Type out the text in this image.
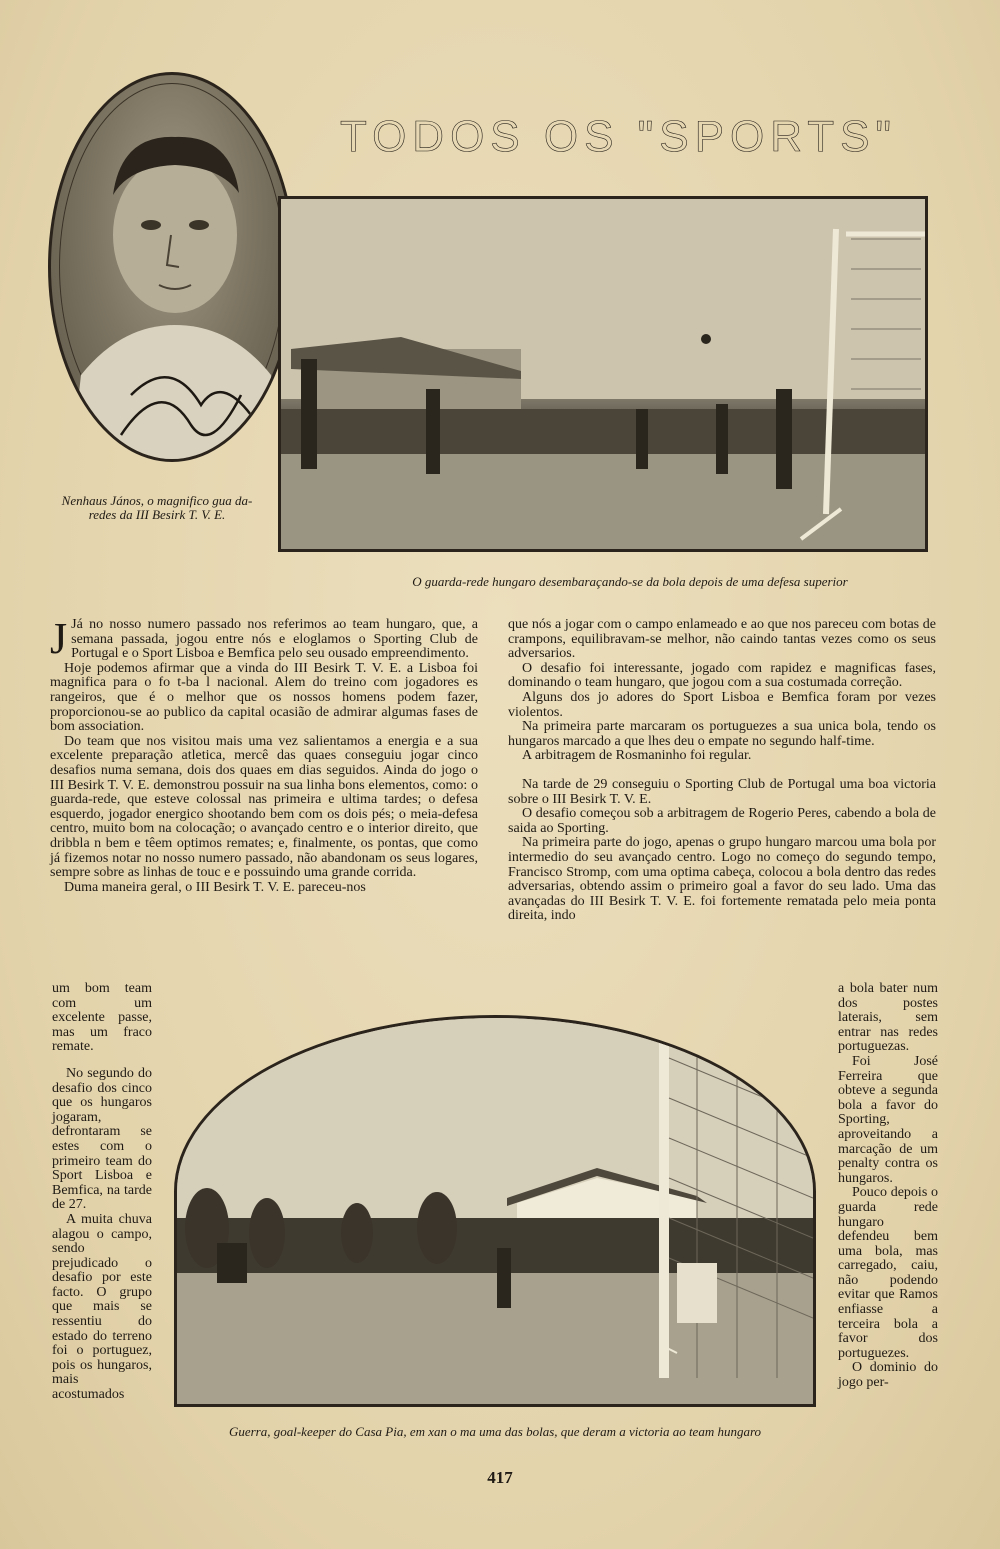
TODOS OS "SPORTS"
Nenhaus János, o magnifico gua da-redes da III Besirk T. V. E.
O guarda-rede hungaro desembaraçando-se da bola depois de uma defesa superior

J Já no nosso numero passado nos referimos ao team hungaro, que, a semana passada, jogou entre nós e eloglamos o Sporting Club de Portugal e o Sport Lisboa e Bemfica pelo seu ousado empreendimento.

Hoje podemos afirmar que a vinda do III Besirk T. V. E. a Lisboa foi magnifica para o fo t-ba l nacional. Alem do treino com jogadores es rangeiros, que é o melhor que os nossos homens podem fazer, proporcionou-se ao publico da capital ocasião de admirar algumas fases de bom association.

Do team que nos visitou mais uma vez salientamos a energia e a sua excelente preparação atletica, mercê das quaes conseguiu jogar cinco desafios numa semana, dois dos quaes em dias seguidos. Ainda do jogo o III Besirk T. V. E. demonstrou possuir na sua linha bons elementos, como: o guarda-rede, que esteve colossal nas primeira e ultima tardes; o defesa esquerdo, jogador energico shootando bem com os dois pés; o meia-defesa centro, muito bom na colocação; o avançado centro e o interior direito, que dribbla n bem e têem optimos remates; e, finalmente, os pontas, que como já fizemos notar no nosso numero passado, não abandonam os seus logares, sempre sobre as linhas de touc e e possuindo uma grande corrida.

Duma maneira geral, o III Besirk T. V. E. pareceu-nos

um bom team com um excelente passe, mas um fraco remate.

No segundo do desafio dos cinco que os hungaros jogaram, defrontaram se estes com o primeiro team do Sport Lisboa e Bemfica, na tarde de 27.

A muita chuva alagou o campo, sendo prejudicado o desafio por este facto. O grupo que mais se ressentiu do estado do terreno foi o portuguez, pois os hungaros, mais acostumados

que nós a jogar com o campo enlameado e ao que nos pareceu com botas de crampons, equilibravam-se melhor, não caindo tantas vezes como os seus adversarios.

O desafio foi interessante, jogado com rapidez e magnificas fases, dominando o team hungaro, que jogou com a sua costumada correção.

Alguns dos jo adores do Sport Lisboa e Bemfica foram por vezes violentos.

Na primeira parte marcaram os portuguezes a sua unica bola, tendo os hungaros marcado a que lhes deu o empate no segundo half-time.

A arbitragem de Rosmaninho foi regular.

Na tarde de 29 conseguiu o Sporting Club de Portugal uma boa victoria sobre o III Besirk T. V. E.

O desafio começou sob a arbitragem de Rogerio Peres, cabendo a bola de saida ao Sporting.

Na primeira parte do jogo, apenas o grupo hungaro marcou uma bola por intermedio do seu avançado centro. Logo no começo do segundo tempo, Francisco Stromp, com uma optima cabeça, colocou a bola dentro das redes adversarias, obtendo assim o primeiro goal a favor do seu lado. Uma das avançadas do III Besirk T. V. E. foi fortemente rematada pelo meia ponta direita, indo

a bola bater num dos postes laterais, sem entrar nas redes portuguezas.

Foi José Ferreira que obteve a segunda bola a favor do Sporting, aproveitando a marcação de um penalty contra os hungaros.

Pouco depois o guarda rede hungaro defendeu bem uma bola, mas carregado, caiu, não podendo evitar que Ramos enfiasse a terceira bola a favor dos portuguezes.

O dominio do jogo per-

Guerra, goal-keeper do Casa Pia, em xan o ma uma das bolas, que deram a victoria ao team hungaro
417
